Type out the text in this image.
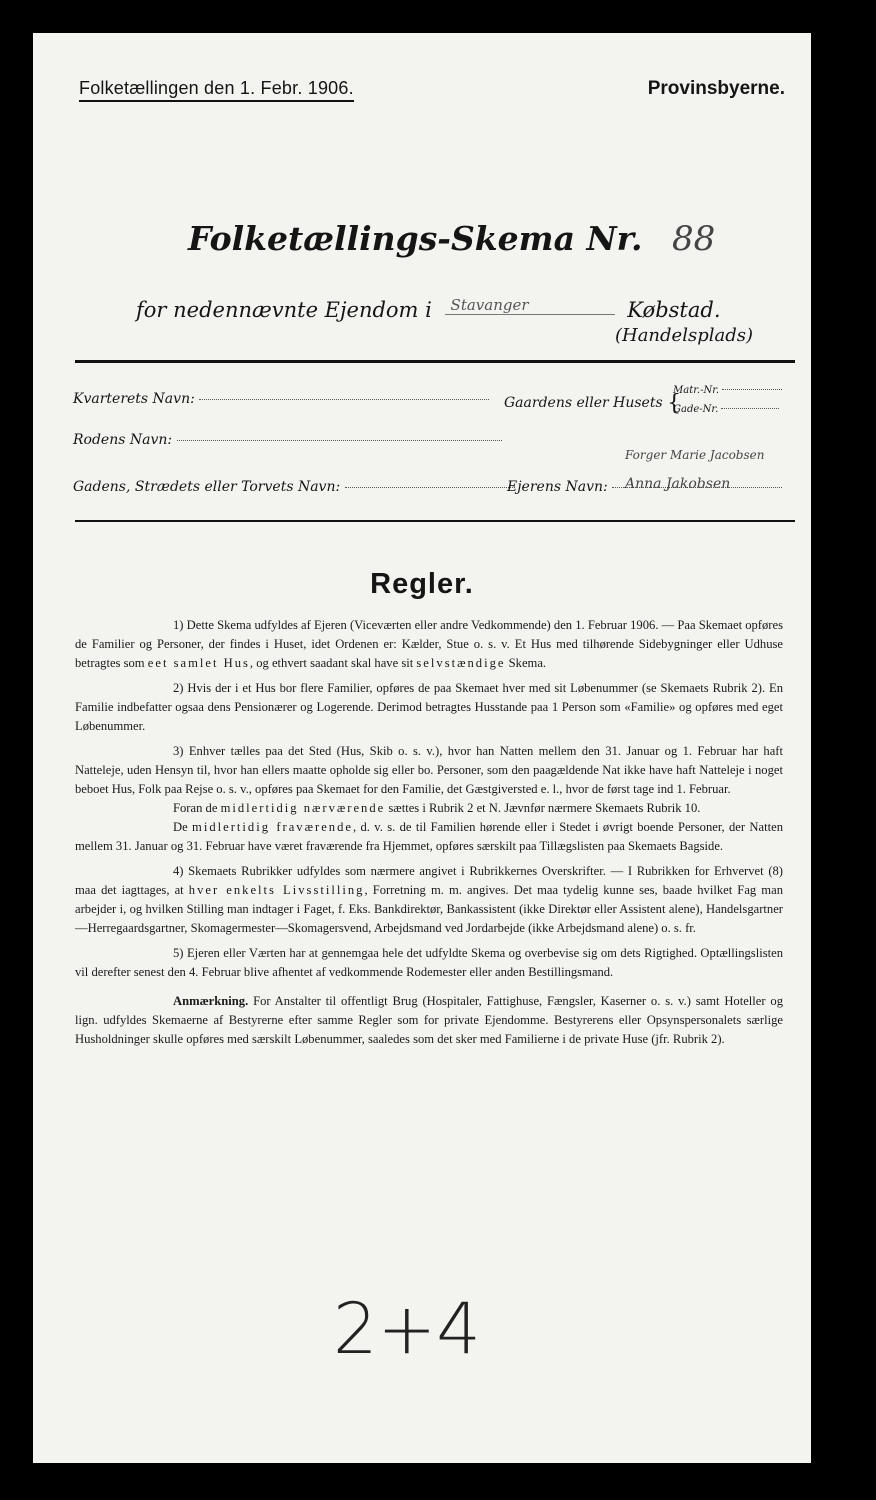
Folketællingen den 1. Febr. 1906.	Provinsbyerne.
Folketællings-Skema Nr. 88
for nedennævnte Ejendom i Stavanger	Købstad.
(Handelsplads)
Kvarterets Navn:
Rodens Navn:
Gadens, Strædets eller Torvets Navn:
Gaardens eller Husets {
Matr.-Nr.
Gade-Nr.
Ejerens Navn:
Forger Marie Jacobsen
Anna Jakobsen
Regler.

1) Dette Skema udfyldes af Ejeren (Viceværten eller andre Vedkommende) den 1. Februar 1906. — Paa Skemaet opføres de Familier og Personer, der findes i Huset, idet Ordenen er: Kælder, Stue o. s. v. Et Hus med tilhørende Sidebygninger eller Udhuse betragtes som eet samlet Hus, og ethvert saadant skal have sit selvstændige Skema.

2) Hvis der i et Hus bor flere Familier, opføres de paa Skemaet hver med sit Løbenummer (se Skemaets Rubrik 2). En Familie indbefatter ogsaa dens Pensionærer og Logerende. Derimod betragtes Husstande paa 1 Person som «Familie» og opføres med eget Løbenummer.

3) Enhver tælles paa det Sted (Hus, Skib o. s. v.), hvor han Natten mellem den 31. Januar og 1. Februar har haft Natteleje, uden Hensyn til, hvor han ellers maatte opholde sig eller bo. Personer, som den paagældende Nat ikke have haft Natteleje i noget beboet Hus, Folk paa Rejse o. s. v., opføres paa Skemaet for den Familie, det Gæstgiversted e. l., hvor de først tage ind 1. Februar.

Foran de midlertidig nærværende sættes i Rubrik 2 et N. Jævnfør nærmere Skemaets Rubrik 10.

De midlertidig fraværende, d. v. s. de til Familien hørende eller i Stedet i øvrigt boende Personer, der Natten mellem 31. Januar og 31. Februar have været fraværende fra Hjemmet, opføres særskilt paa Tillægslisten paa Skemaets Bagside.

4) Skemaets Rubrikker udfyldes som nærmere angivet i Rubrikkernes Overskrifter. — I Rubrikken for Erhvervet (8) maa det iagttages, at hver enkelts Livsstilling, Forretning m. m. angives. Det maa tydelig kunne ses, baade hvilket Fag man arbejder i, og hvilken Stilling man indtager i Faget, f. Eks. Bankdirektør, Bankassistent (ikke Direktør eller Assistent alene), Handelsgartner—Herregaardsgartner, Skomagermester—Skomagersvend, Arbejdsmand ved Jordarbejde (ikke Arbejdsmand alene) o. s. fr.

5) Ejeren eller Værten har at gennemgaa hele det udfyldte Skema og overbevise sig om dets Rigtighed. Optællingslisten vil derefter senest den 4. Februar blive afhentet af vedkommende Rodemester eller anden Bestillingsmand.

Anmærkning. For Anstalter til offentligt Brug (Hospitaler, Fattighuse, Fængsler, Kaserner o. s. v.) samt Hoteller og lign. udfyldes Skemaerne af Bestyrerne efter samme Regler som for private Ejendomme. Bestyrerens eller Opsynspersonalets særlige Husholdninger skulle opføres med særskilt Løbenummer, saaledes som det sker med Familierne i de private Huse (jfr. Rubrik 2).

2+4
